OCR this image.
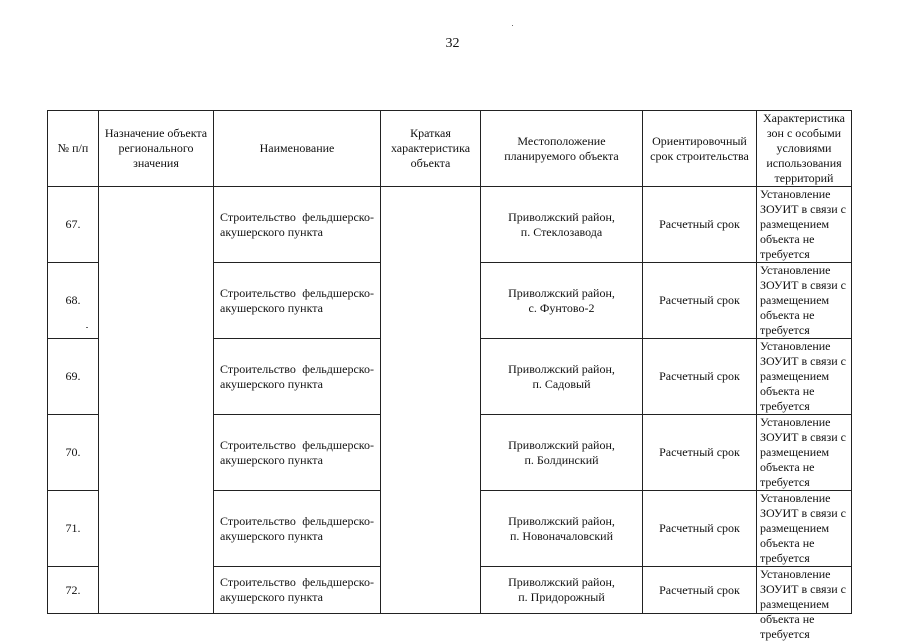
32
№ п/п	Назначение объекта регионального значения	Наименование	Краткая характеристика объекта	Местоположение планируемого объекта	Ориентировочный срок строительства	Характеристика зон с особыми условиями использования территорий
67.		Строительство фельдшерско-акушерского пункта		Приволжский район,
п. Стеклозавода	Расчетный срок	Установление ЗОУИТ в связи с размещением объекта не требуется

68.		Строительство фельдшерско-акушерского пункта		Приволжский район,
с. Фунтово-2	Расчетный срок	Установление ЗОУИТ в связи с размещением объекта не требуется

69.		Строительство фельдшерско-акушерского пункта		Приволжский район,
п. Садовый	Расчетный срок	Установление ЗОУИТ в связи с размещением объекта не требуется

70.		Строительство фельдшерско-акушерского пункта		Приволжский район,
п. Болдинский	Расчетный срок	Установление ЗОУИТ в связи с размещением объекта не требуется

71.		Строительство фельдшерско-акушерского пункта		Приволжский район,
п. Новоначаловский	Расчетный срок	Установление ЗОУИТ в связи с размещением объекта не требуется

72.		Строительство фельдшерско-акушерского пункта		Приволжский район,
п. Придорожный	Расчетный срок	Установление ЗОУИТ в связи с размещением объекта не требуется
